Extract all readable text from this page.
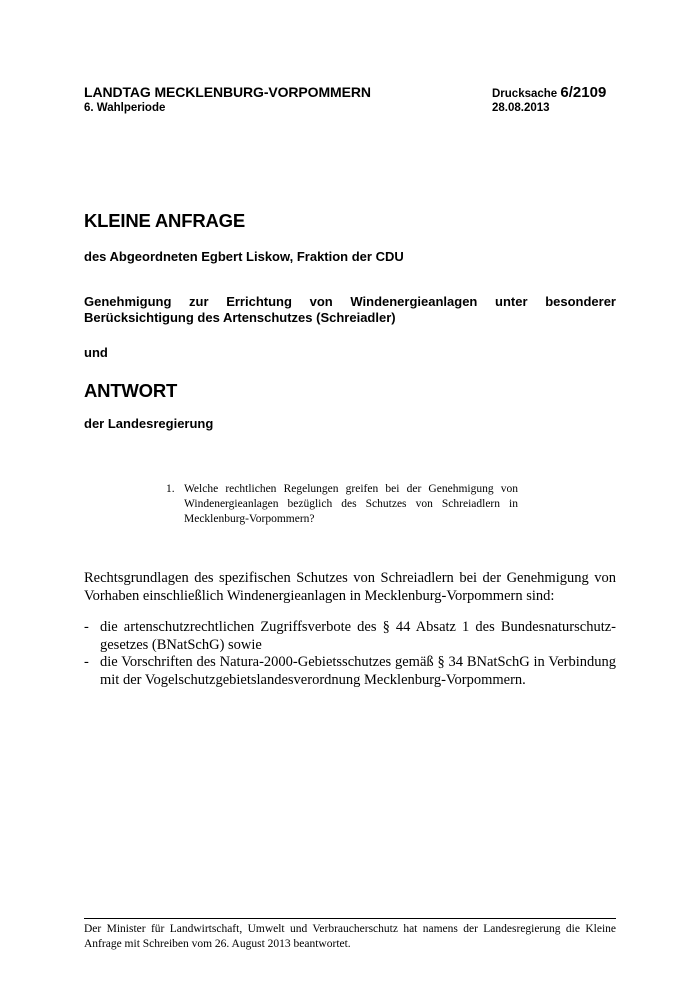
LANDTAG MECKLENBURG-VORPOMMERN
6. Wahlperiode
Drucksache 6/2109
28.08.2013
KLEINE ANFRAGE
des Abgeordneten Egbert Liskow, Fraktion der CDU
Genehmigung zur Errichtung von Windenergieanlagen unter besonderer
Berücksichtigung des Artenschutzes (Schreiadler)
und
ANTWORT
der Landesregierung
1. Welche rechtlichen Regelungen greifen bei der Genehmigung von
Windenergieanlagen bezüglich des Schutzes von Schreiadlern in
Mecklenburg-Vorpommern?
Rechtsgrundlagen des spezifischen Schutzes von Schreiadlern bei der Genehmigung von
Vorhaben einschließlich Windenergieanlagen in Mecklenburg-Vorpommern sind:
- die artenschutzrechtlichen Zugriffsverbote des § 44 Absatz 1 des Bundesnaturschutz-
gesetzes (BNatSchG) sowie
- die Vorschriften des Natura-2000-Gebietsschutzes gemäß § 34 BNatSchG in Verbindung
mit der Vogelschutzgebietslandesverordnung Mecklenburg-Vorpommern.
Der Minister für Landwirtschaft, Umwelt und Verbraucherschutz hat namens der Landesregierung die Kleine
Anfrage mit Schreiben vom 26. August 2013 beantwortet.
